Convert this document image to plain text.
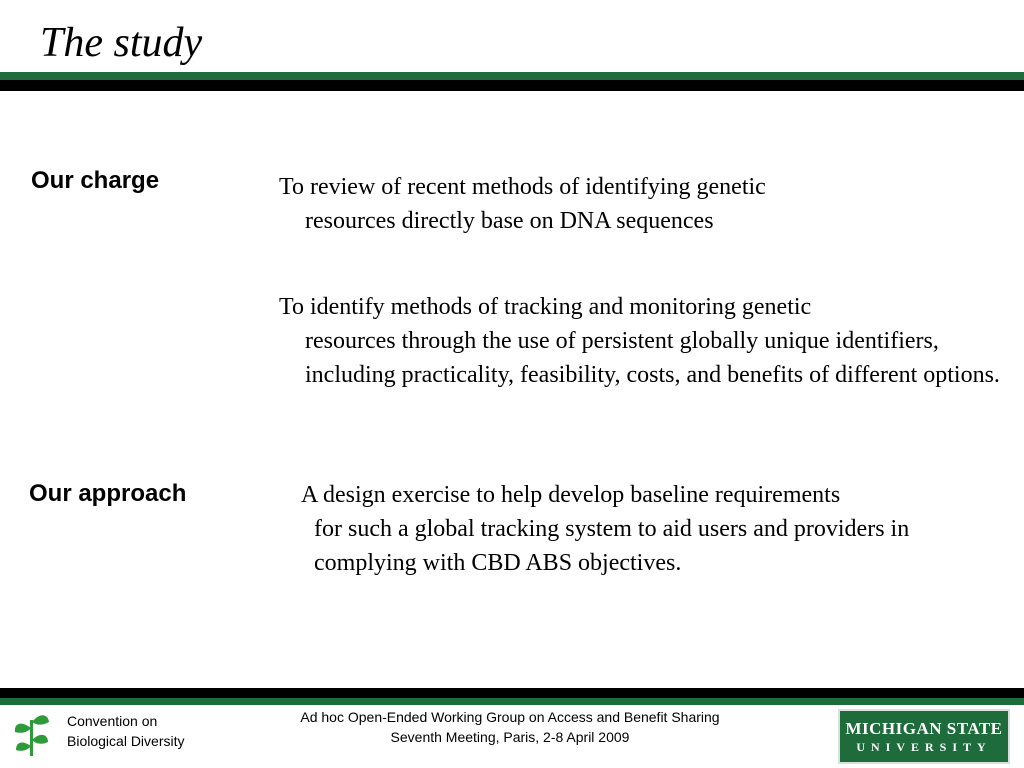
The study
Our charge	To review of recent methods of identifying genetic
resources directly base on DNA sequences

To identify methods of tracking and monitoring genetic
resources through the use of persistent globally unique identifiers, including practicality, feasibility, costs, and benefits of different options.

Our approach	A design exercise to help develop baseline requirements
for such a global tracking system to aid users and providers in complying with CBD ABS objectives.

Convention on
Biological Diversity
Ad hoc Open-Ended Working Group on Access and Benefit Sharing
Seventh Meeting, Paris, 2-8 April 2009	MICHIGAN STATE
UNIVERSITY
